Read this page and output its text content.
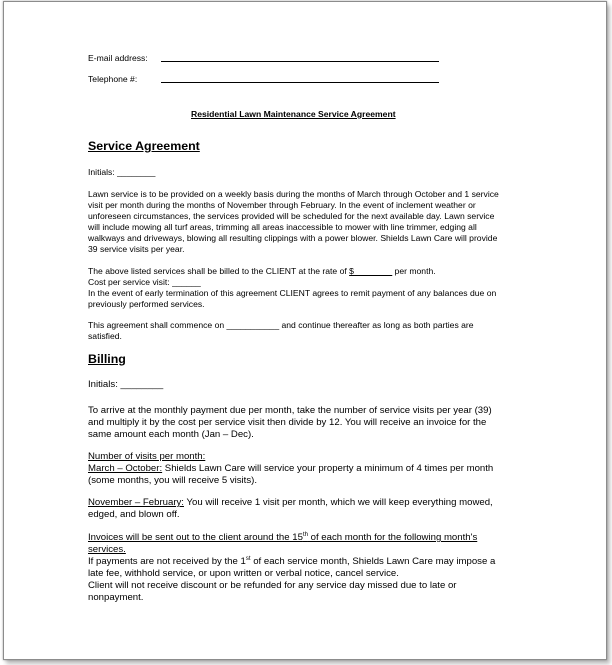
E-mail address:
Telephone #:
Residential Lawn Maintenance Service Agreement
Service Agreement
Initials: ________
Lawn service is to be provided on a weekly basis during the months of March through October and 1 service
visit per month during the months of November through February. In the event of inclement weather or
unforeseen circumstances, the services provided will be scheduled for the next available day. Lawn service
will include mowing all turf areas, trimming all areas inaccessible to mower with line trimmer, edging all
walkways and driveways, blowing all resulting clippings with a power blower. Shields Lawn Care will provide
39 service visits per year.
The above listed services shall be billed to the CLIENT at the rate of $________ per month.
Cost per service visit: ______
In the event of early termination of this agreement CLIENT agrees to remit payment of any balances due on
previously performed services.
This agreement shall commence on ___________ and continue thereafter as long as both parties are
satisfied.
Billing
Initials: ________
To arrive at the monthly payment due per month, take the number of service visits per year (39)
and multiply it by the cost per service visit then divide by 12. You will receive an invoice for the
same amount each month (Jan – Dec).
Number of visits per month:
March – October: Shields Lawn Care will service your property a minimum of 4 times per month
(some months, you will receive 5 visits).
November – February: You will receive 1 visit per month, which we will keep everything mowed,
edged, and blown off.
Invoices will be sent out to the client around the 15th of each month for the following month's
services.
If payments are not received by the 1st of each service month, Shields Lawn Care may impose a
late fee, withhold service, or upon written or verbal notice, cancel service.
Client will not receive discount or be refunded for any service day missed due to late or
nonpayment.
